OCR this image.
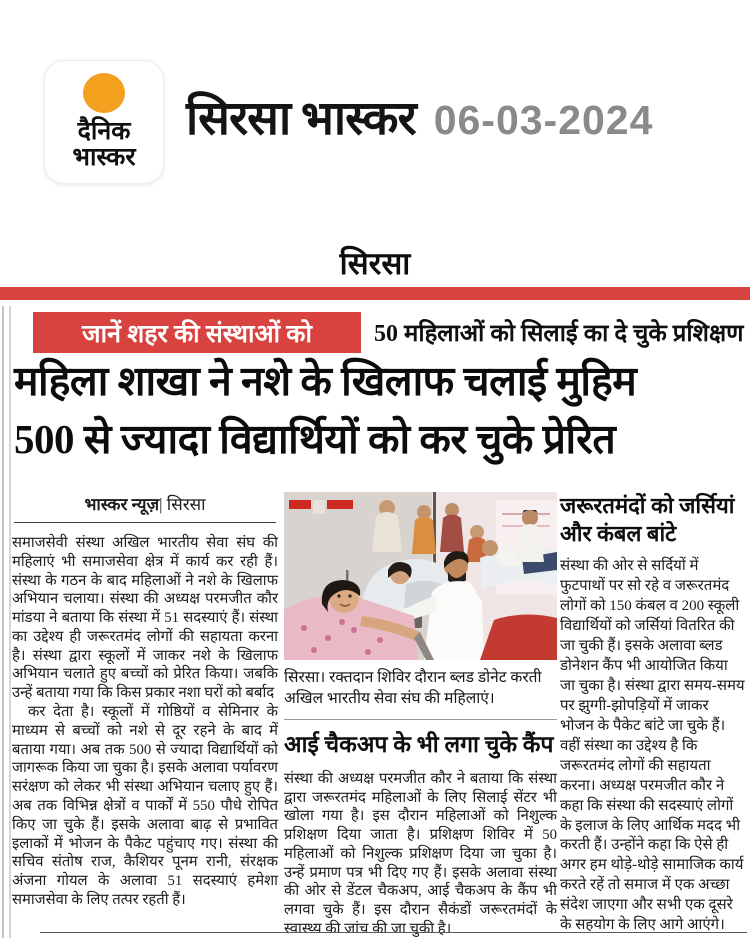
दैनिक
भास्कर
सिरसा भास्कर 06-03-2024
सिरसा
जानें शहर की संस्थाओं को	50 महिलाओं को सिलाई का दे चुके प्रशिक्षण
महिला शाखा ने नशे के खिलाफ चलाई मुहिम
500 से ज्यादा विद्यार्थियों को कर चुके प्रेरित
भास्कर न्यूज़| सिरसा

समाजसेवी संस्था अखिल भारतीय सेवा संघ की महिलाएं भी समाजसेवा क्षेत्र में कार्य कर रही हैं। संस्था के गठन के बाद महिलाओं ने नशे के खिलाफ अभियान चलाया। संस्था की अध्यक्ष परमजीत कौर मांडया ने बताया कि संस्था में 51 सदस्याएं हैं। संस्था का उद्देश्य ही जरूरतमंद लोगों की सहायता करना है। संस्था द्वारा स्कूलों में जाकर नशे के खिलाफ अभियान चलाते हुए बच्चों को प्रेरित किया। जबकि उन्हें बताया गया कि किस प्रकार नशा घरों को बर्बाद

कर देता है। स्कूलों में गोष्ठियों व सेमिनार के माध्यम से बच्चों को नशे से दूर रहने के बाद में बताया गया। अब तक 500 से ज्यादा विद्यार्थियों को जागरूक किया जा चुका है। इसके अलावा पर्यावरण सरंक्षण को लेकर भी संस्था अभियान चलाए हुए हैं। अब तक विभिन्न क्षेत्रों व पार्कों में 550 पौधे रोपित किए जा चुके हैं। इसके अलावा बाढ़ से प्रभावित इलाकों में भोजन के पैकेट पहुंचाए गए। संस्था की सचिव संतोष राज, कैशियर पूनम रानी, संरक्षक अंजना गोयल के अलावा 51 सदस्याएं हमेशा समाजसेवा के लिए तत्पर रहती हैं।

सिरसा। रक्तदान शिविर दौरान ब्लड डोनेट करती अखिल भारतीय सेवा संघ की महिलाएं।
आई चैकअप के भी लगा चुके कैंप

संस्था की अध्यक्ष परमजीत कौर ने बताया कि संस्था द्वारा जरूरतमंद महिलाओं के लिए सिलाई सेंटर भी खोला गया है। इस दौरान महिलाओं को निशुल्क प्रशिक्षण दिया जाता है। प्रशिक्षण शिविर में 50 महिलाओं को निशुल्क प्रशिक्षण दिया जा चुका है। उन्हें प्रमाण पत्र भी दिए गए हैं। इसके अलावा संस्था की ओर से डेंटल चैकअप, आई चैकअप के कैंप भी लगवा चुके हैं। इस दौरान सैकंडों जरूरतमंदों के स्वास्थ्य की जांच की जा चुकी है।

जरूरतमंदों को जर्सियां
और कंबल बांटे

संस्था की ओर से सर्दियों में फुटपाथों पर सो रहे व जरूरतमंद लोगों को 150 कंबल व 200 स्कूली विद्यार्थियों को जर्सियां वितरित की जा चुकी हैं। इसके अलावा ब्लड डोनेशन कैंप भी आयोजित किया जा चुका है। संस्था द्वारा समय-समय पर झुग्गी-झोपड़ियों में जाकर भोजन के पैकेट बांटे जा चुके हैं। वहीं संस्था का उद्देश्य है कि जरूरतमंद लोगों की सहायता करना। अध्यक्ष परमजीत कौर ने कहा कि संस्था की सदस्याएं लोगों के इलाज के लिए आर्थिक मदद भी करती हैं। उन्होंने कहा कि ऐसे ही अगर हम थोड़े-थोड़े सामाजिक कार्य करते रहें तो समाज में एक अच्छा संदेश जाएगा और सभी एक दूसरे के सहयोग के लिए आगे आएंगे।
